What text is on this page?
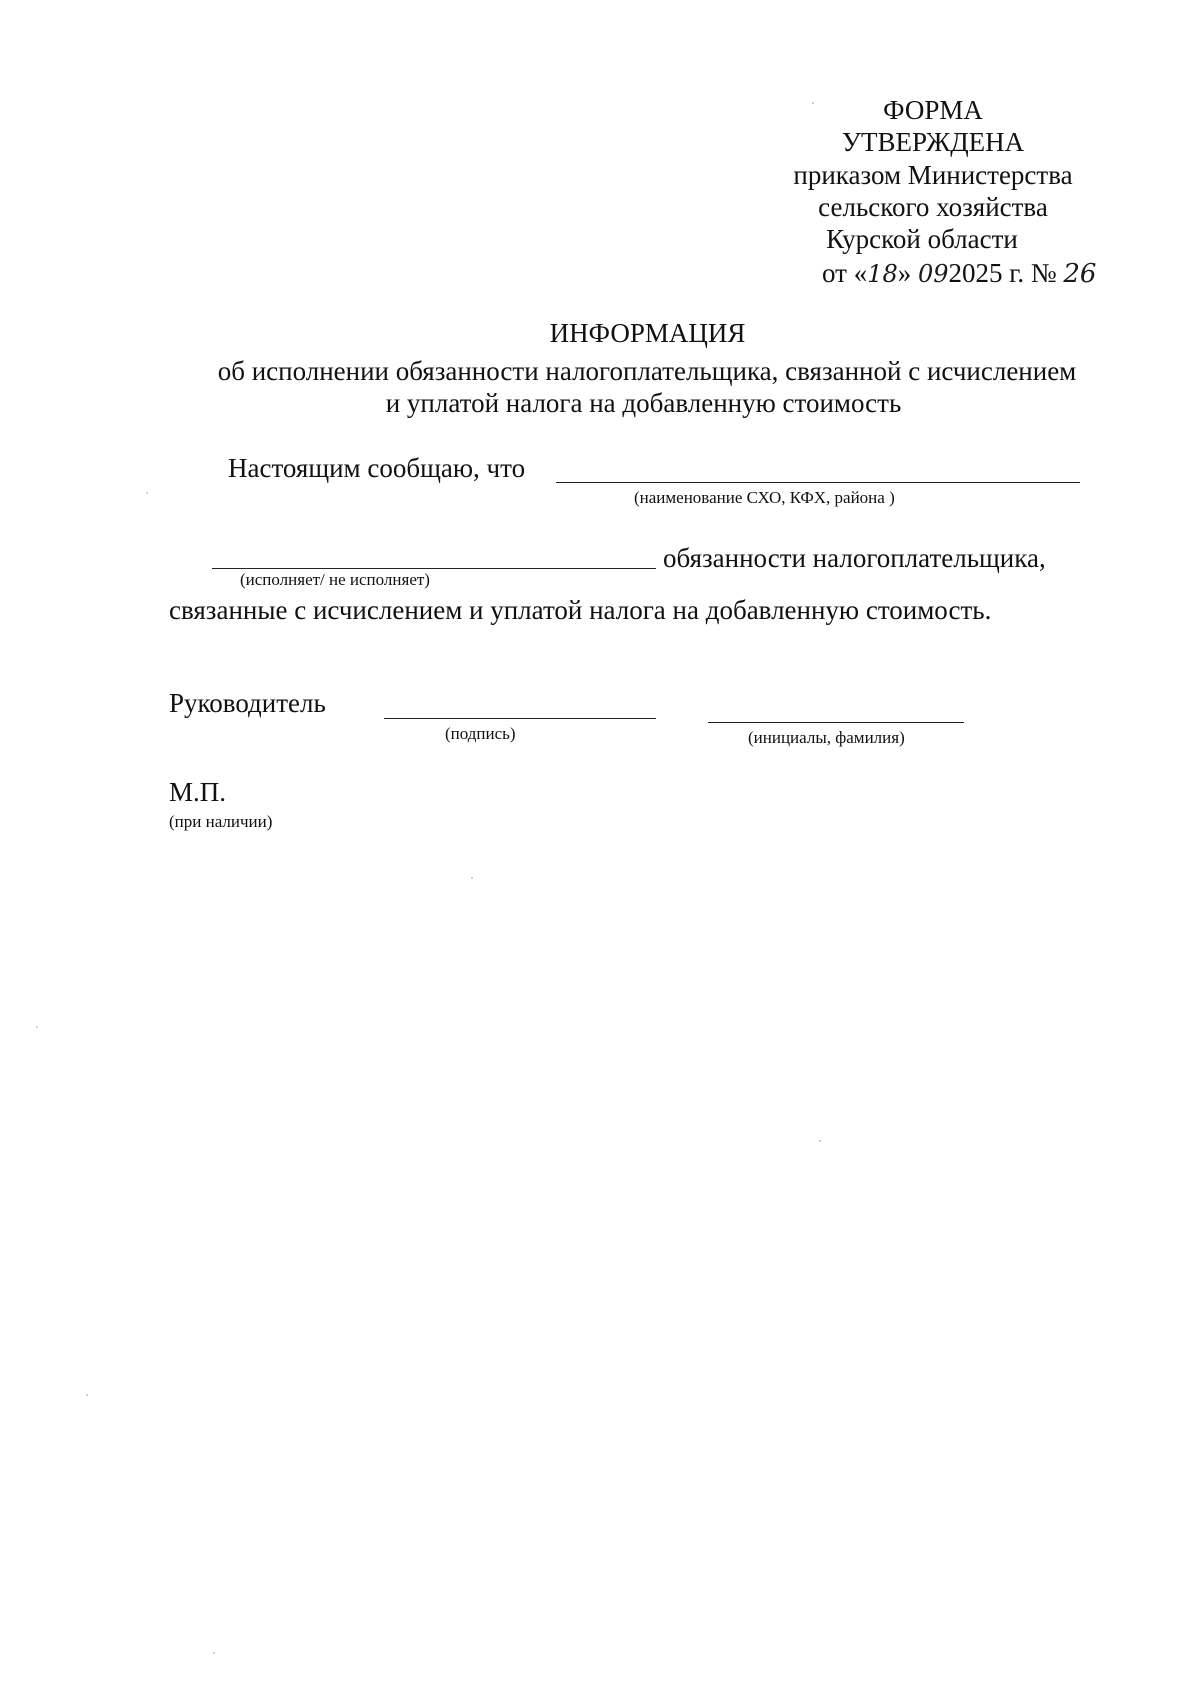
ФОРМА
УТВЕРЖДЕНА
приказом Министерства
сельского хозяйства
Курской области
от «18» 092025 г. № 26
ИНФОРМАЦИЯ
об исполнении обязанности налогоплательщика, связанной с исчислением
и уплатой налога на добавленную стоимость
Настоящим сообщаю, что
(наименование СХО, КФХ, района )
обязанности налогоплательщика,
(исполняет/ не исполняет)
связанные с исчислением и уплатой налога на добавленную стоимость.
Руководитель
(подпись)	(инициалы, фамилия)
М.П.
(при наличии)
